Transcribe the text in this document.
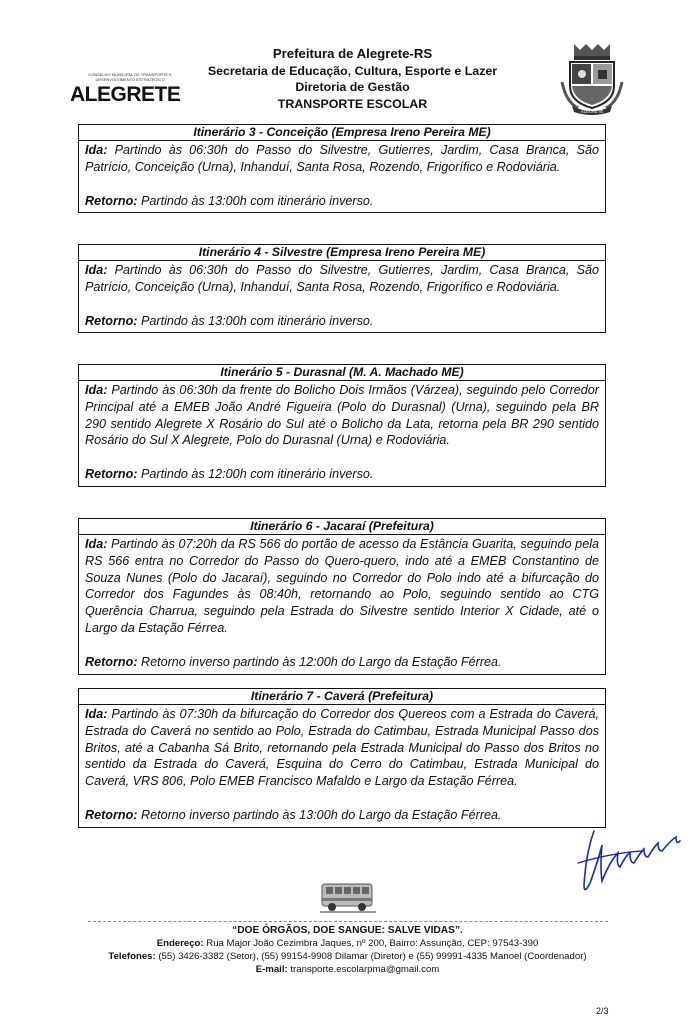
CONSELHO MUNICIPAL DE TRANSPORTE E DESENVOLVIMENTO ESTRATÉGICO
ALEGRETE
Prefeitura de Alegrete-RS
Secretaria de Educação, Cultura, Esporte e Lazer
Diretoria de Gestão
TRANSPORTE ESCOLAR
ALEGRETE
Itinerário 3 - Conceição (Empresa Ireno Pereira ME)

Ida: Partindo às 06:30h do Passo do Silvestre, Gutierres, Jardim, Casa Branca, São Patrício, Conceição (Urna), Inhanduí, Santa Rosa, Rozendo, Frigorífico e Rodoviária.

Retorno: Partindo às 13:00h com itinerário inverso.

Itinerário 4 - Silvestre (Empresa Ireno Pereira ME)

Ida: Partindo às 06:30h do Passo do Silvestre, Gutierres, Jardim, Casa Branca, São Patrício, Conceição (Urna), Inhanduí, Santa Rosa, Rozendo, Frigorífico e Rodoviária.

Retorno: Partindo às 13:00h com itinerário inverso.

Itinerário 5 - Durasnal (M. A. Machado ME)

Ida: Partindo às 06:30h da frente do Bolicho Dois Irmãos (Várzea), seguindo pelo Corredor Principal até a EMEB João André Figueira (Polo do Durasnal) (Urna), seguindo pela BR 290 sentido Alegrete X Rosário do Sul até o Bolicho da Lata, retorna pela BR 290 sentido Rosário do Sul X Alegrete, Polo do Durasnal (Urna) e Rodoviária.

Retorno: Partindo às 12:00h com itinerário inverso.

Itinerário 6 - Jacaraí (Prefeitura)

Ida: Partindo às 07:20h da RS 566 do portão de acesso da Estância Guarita, seguindo pela RS 566 entra no Corredor do Passo do Quero-quero, indo até a EMEB Constantino de Souza Nunes (Polo do Jacaraí), seguindo no Corredor do Polo indo até a bifurcação do Corredor dos Fagundes às 08:40h, retornando ao Polo, seguindo sentido ao CTG Querência Charrua, seguindo pela Estrada do Silvestre sentido Interior X Cidade, até o Largo da Estação Férrea.

Retorno: Retorno inverso partindo às 12:00h do Largo da Estação Férrea.

Itinerário 7 - Caverá (Prefeitura)

Ida: Partindo às 07:30h da bifurcação do Corredor dos Quereos com a Estrada do Caverá, Estrada do Caverá no sentido ao Polo, Estrada do Catimbau, Estrada Municipal Passo dos Britos, até a Cabanha Sá Brito, retornando pela Estrada Municipal do Passo dos Britos no sentido da Estrada do Caverá, Esquina do Cerro do Catimbau, Estrada Municipal do Caverá, VRS 806, Polo EMEB Francisco Mafaldo e Largo da Estação Férrea.

Retorno: Retorno inverso partindo às 13:00h do Largo da Estação Férrea.

“DOE ÓRGÃOS, DOE SANGUE: SALVE VIDAS”.
Endereço: Rua Major João Cezimbra Jaques, nº 200, Bairro: Assunção, CEP: 97543-390
Telefones: (55) 3426-3382 (Setor), (55) 99154-9908 Dilamar (Diretor) e (55) 99991-4335 Manoel (Coordenador)
E-mail: transporte.escolarpma@gmail.com
2/3
